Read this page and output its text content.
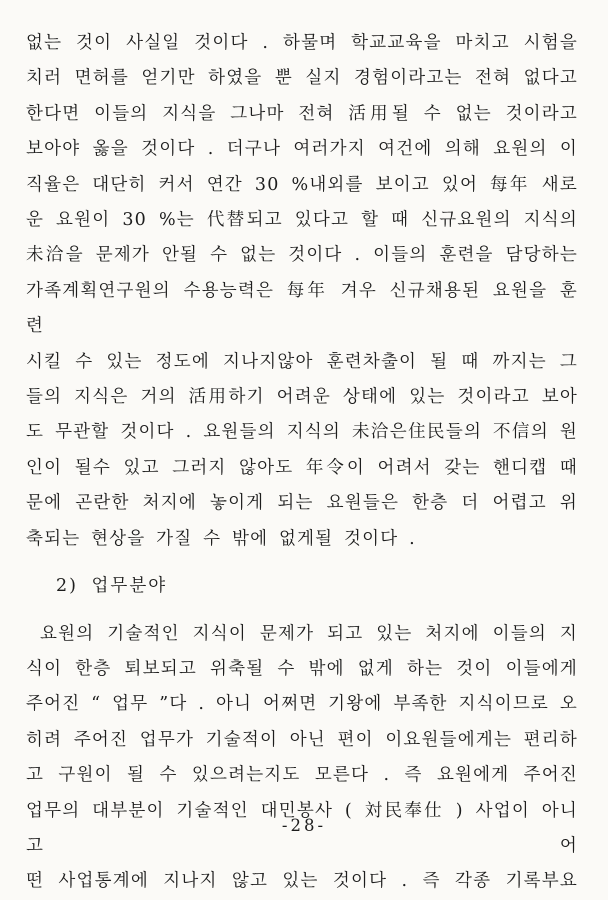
없는 것이 사실일 것이다 . 하물며 학교교육을 마치고 시험을
치러 면허를 얻기만 하였을 뿐 실지 경험이라고는 전혀 없다고
한다면 이들의 지식을 그나마 전혀 活用될 수 없는 것이라고
보아야 옳을 것이다 . 더구나 여러가지 여건에 의해 요원의 이
직율은 대단히 커서 연간 30 %내외를 보이고 있어 每年 새로
운 요원이 30 %는 代替되고 있다고 할 때 신규요원의 지식의
未洽을 문제가 안될 수 없는 것이다 . 이들의 훈련을 담당하는
가족계획연구원의 수용능력은 每年 겨우 신규채용된 요원을 훈련
시킬 수 있는 정도에 지나지않아 훈련차출이 될 때 까지는 그
들의 지식은 거의 活用하기 어려운 상태에 있는 것이라고 보아
도 무관할 것이다 . 요원들의 지식의 未洽은住民들의 不信의 원
인이 될수 있고 그러지 않아도 年令이 어려서 갖는 핸디캡 때
문에 곤란한 처지에 놓이게 되는 요원들은 한층 더 어렵고 위
축되는 현상을 가질 수 밖에 없게될 것이다 .
2) 업무분야
요원의 기술적인 지식이 문제가 되고 있는 처지에 이들의 지
식이 한층 퇴보되고 위축될 수 밖에 없게 하는 것이 이들에게
주어진 “ 업무 ”다 . 아니 어쩌면 기왕에 부족한 지식이므로 오
히려 주어진 업무가 기술적이 아닌 편이 이요원들에게는 편리하
고 구원이 될 수 있으려는지도 모른다 . 즉 요원에게 주어진
업무의 대부분이 기술적인 대민봉사 ( 対民奉仕 ) 사업이 아니고 어
떤 사업통계에 지나지 않고 있는 것이다 . 즉 각종 기록부요
-28-
